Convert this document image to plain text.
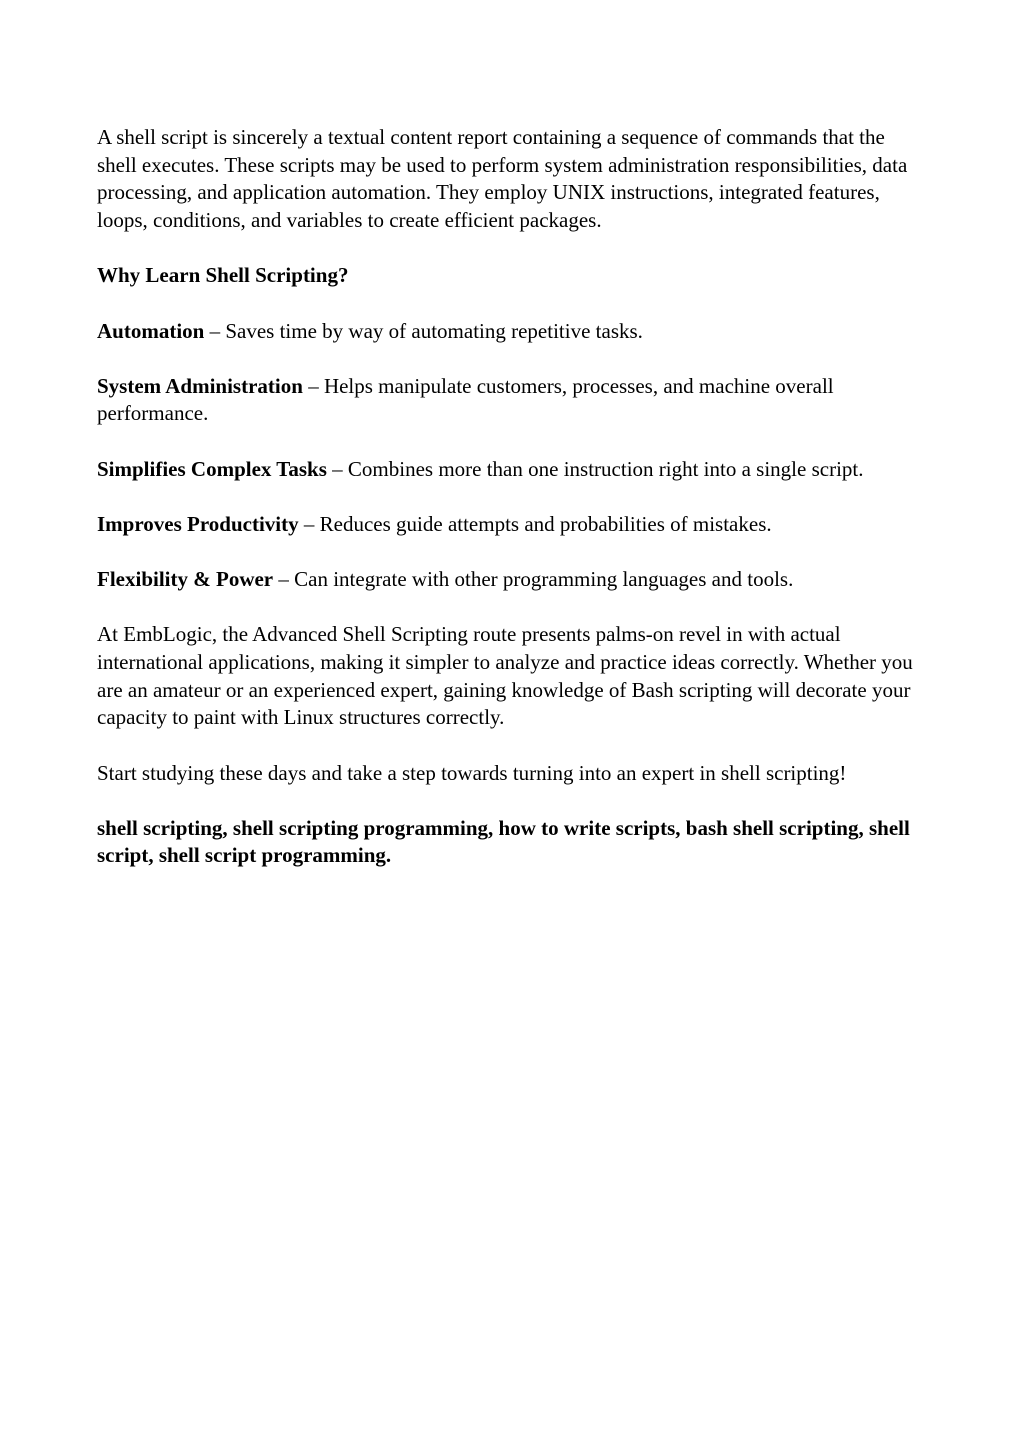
A shell script is sincerely a textual content report containing a sequence of commands that the shell executes. These scripts may be used to perform system administration responsibilities, data processing, and application automation. They employ UNIX instructions, integrated features, loops, conditions, and variables to create efficient packages.

Why Learn Shell Scripting?

Automation – Saves time by way of automating repetitive tasks.

System Administration – Helps manipulate customers, processes, and machine overall performance.

Simplifies Complex Tasks – Combines more than one instruction right into a single script.

Improves Productivity – Reduces guide attempts and probabilities of mistakes.

Flexibility & Power – Can integrate with other programming languages and tools.

At EmbLogic, the Advanced Shell Scripting route presents palms-on revel in with actual international applications, making it simpler to analyze and practice ideas correctly. Whether you are an amateur or an experienced expert, gaining knowledge of Bash scripting will decorate your capacity to paint with Linux structures correctly.

Start studying these days and take a step towards turning into an expert in shell scripting!

shell scripting, shell scripting programming, how to write scripts, bash shell scripting, shell script, shell script programming.
